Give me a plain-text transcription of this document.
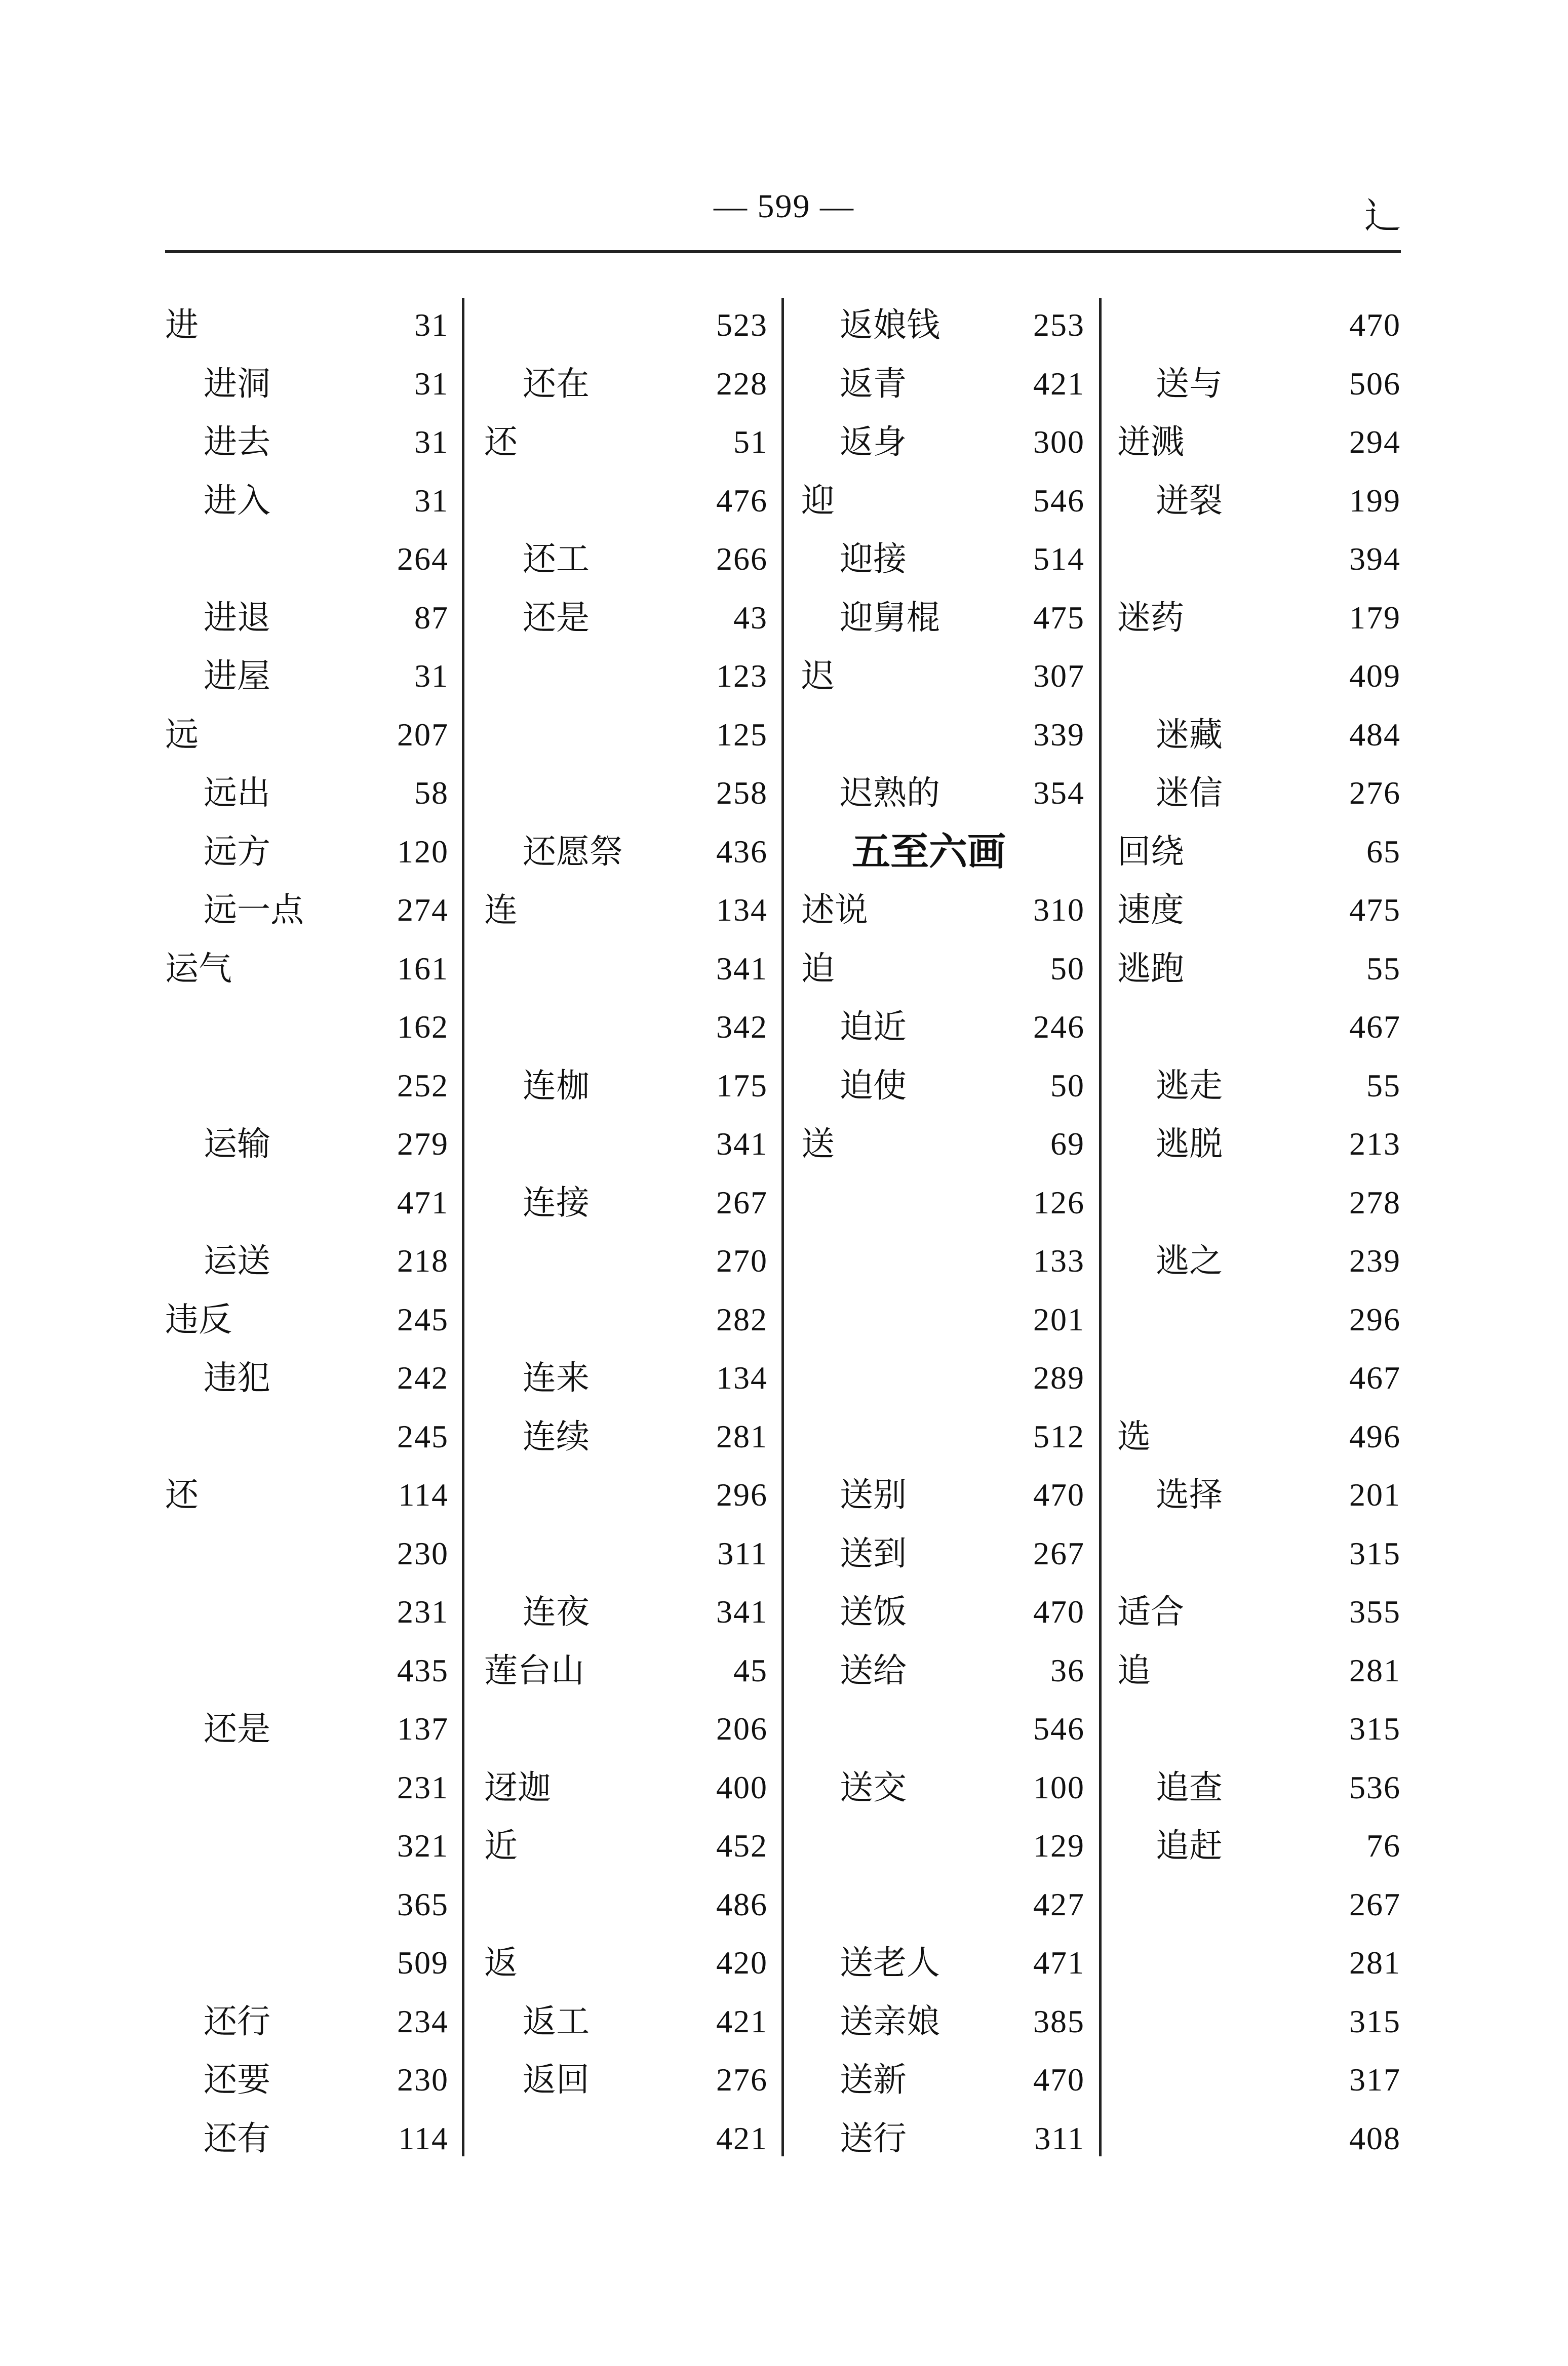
— 599 —	辶
进	31
进洞	31
进去	31
进入	31
264
进退	87
进屋	31
远	207
远出	58
远方	120
远一点	274
运气	161
162
252
运输	279
471
运送	218
违反	245
违犯	242
245
还	114
230
231
435
还是	137
231
321
365
509
还行	234
还要	230
还有	114
523
还在	228
还	51
476
还工	266
还是	43
123
125
258
还愿祭	436
连	134
341
342
连枷	175
341
连接	267
270
282
连来	134
连续	281
296
311
连夜	341
莲台山	45
206
迓迦	400
近	452
486
返	420
返工	421
返回	276
421
返娘钱	253
返青	421
返身	300
迎	546
迎接	514
迎舅棍	475
迟	307
339
迟熟的	354
五至六画
述说	310
迫	50
迫近	246
迫使	50
送	69
126
133
201
289
512
送别	470
送到	267
送饭	470
送给	36
546
送交	100
129
427
送老人	471
送亲娘	385
送新	470
送行	311
470
送与	506
迸溅	294
迸裂	199
394
迷药	179
409
迷藏	484
迷信	276
回绕	65
速度	475
逃跑	55
467
逃走	55
逃脱	213
278
逃之	239
296
467
选	496
选择	201
315
适合	355
追	281
315
追查	536
追赶	76
267
281
315
317
408
